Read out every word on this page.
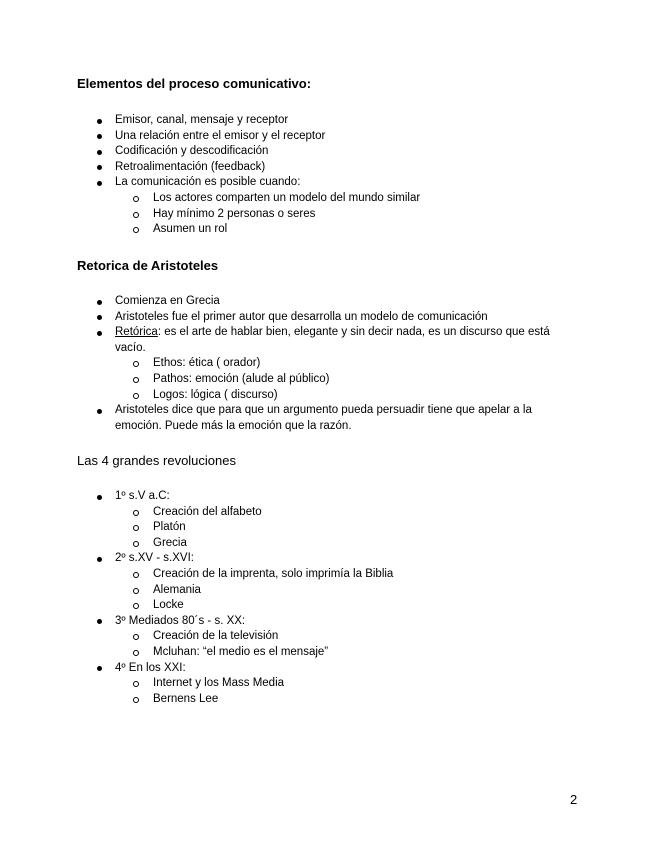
Elementos del proceso comunicativo:
Emisor, canal, mensaje y receptor
Una relación entre el emisor y el receptor
Codificación y descodificación
Retroalimentación (feedback)
La comunicación es posible cuando:
Los actores comparten un modelo del mundo similar
Hay mínimo 2 personas o seres
Asumen un rol
Retorica de Aristoteles
Comienza en Grecia
Aristoteles fue el primer autor que desarrolla un modelo de comunicación
Retórica: es el arte de hablar bien, elegante y sin decir nada, es un discurso que está vacío.
Ethos: ética ( orador)
Pathos: emoción (alude al público)
Logos: lógica ( discurso)
Aristoteles dice que para que un argumento pueda persuadir tiene que apelar a la emoción. Puede más la emoción que la razón.
Las 4 grandes revoluciones
1º s.V a.C:
Creación del alfabeto
Platón
Grecia
2º s.XV - s.XVI:
Creación de la imprenta, solo imprimía la Biblia
Alemania
Locke
3º Mediados 80´s - s. XX:
Creación de la televisión
Mcluhan: “el medio es el mensaje”
4º En los XXI:
Internet y los Mass Media
Bernens Lee
2
